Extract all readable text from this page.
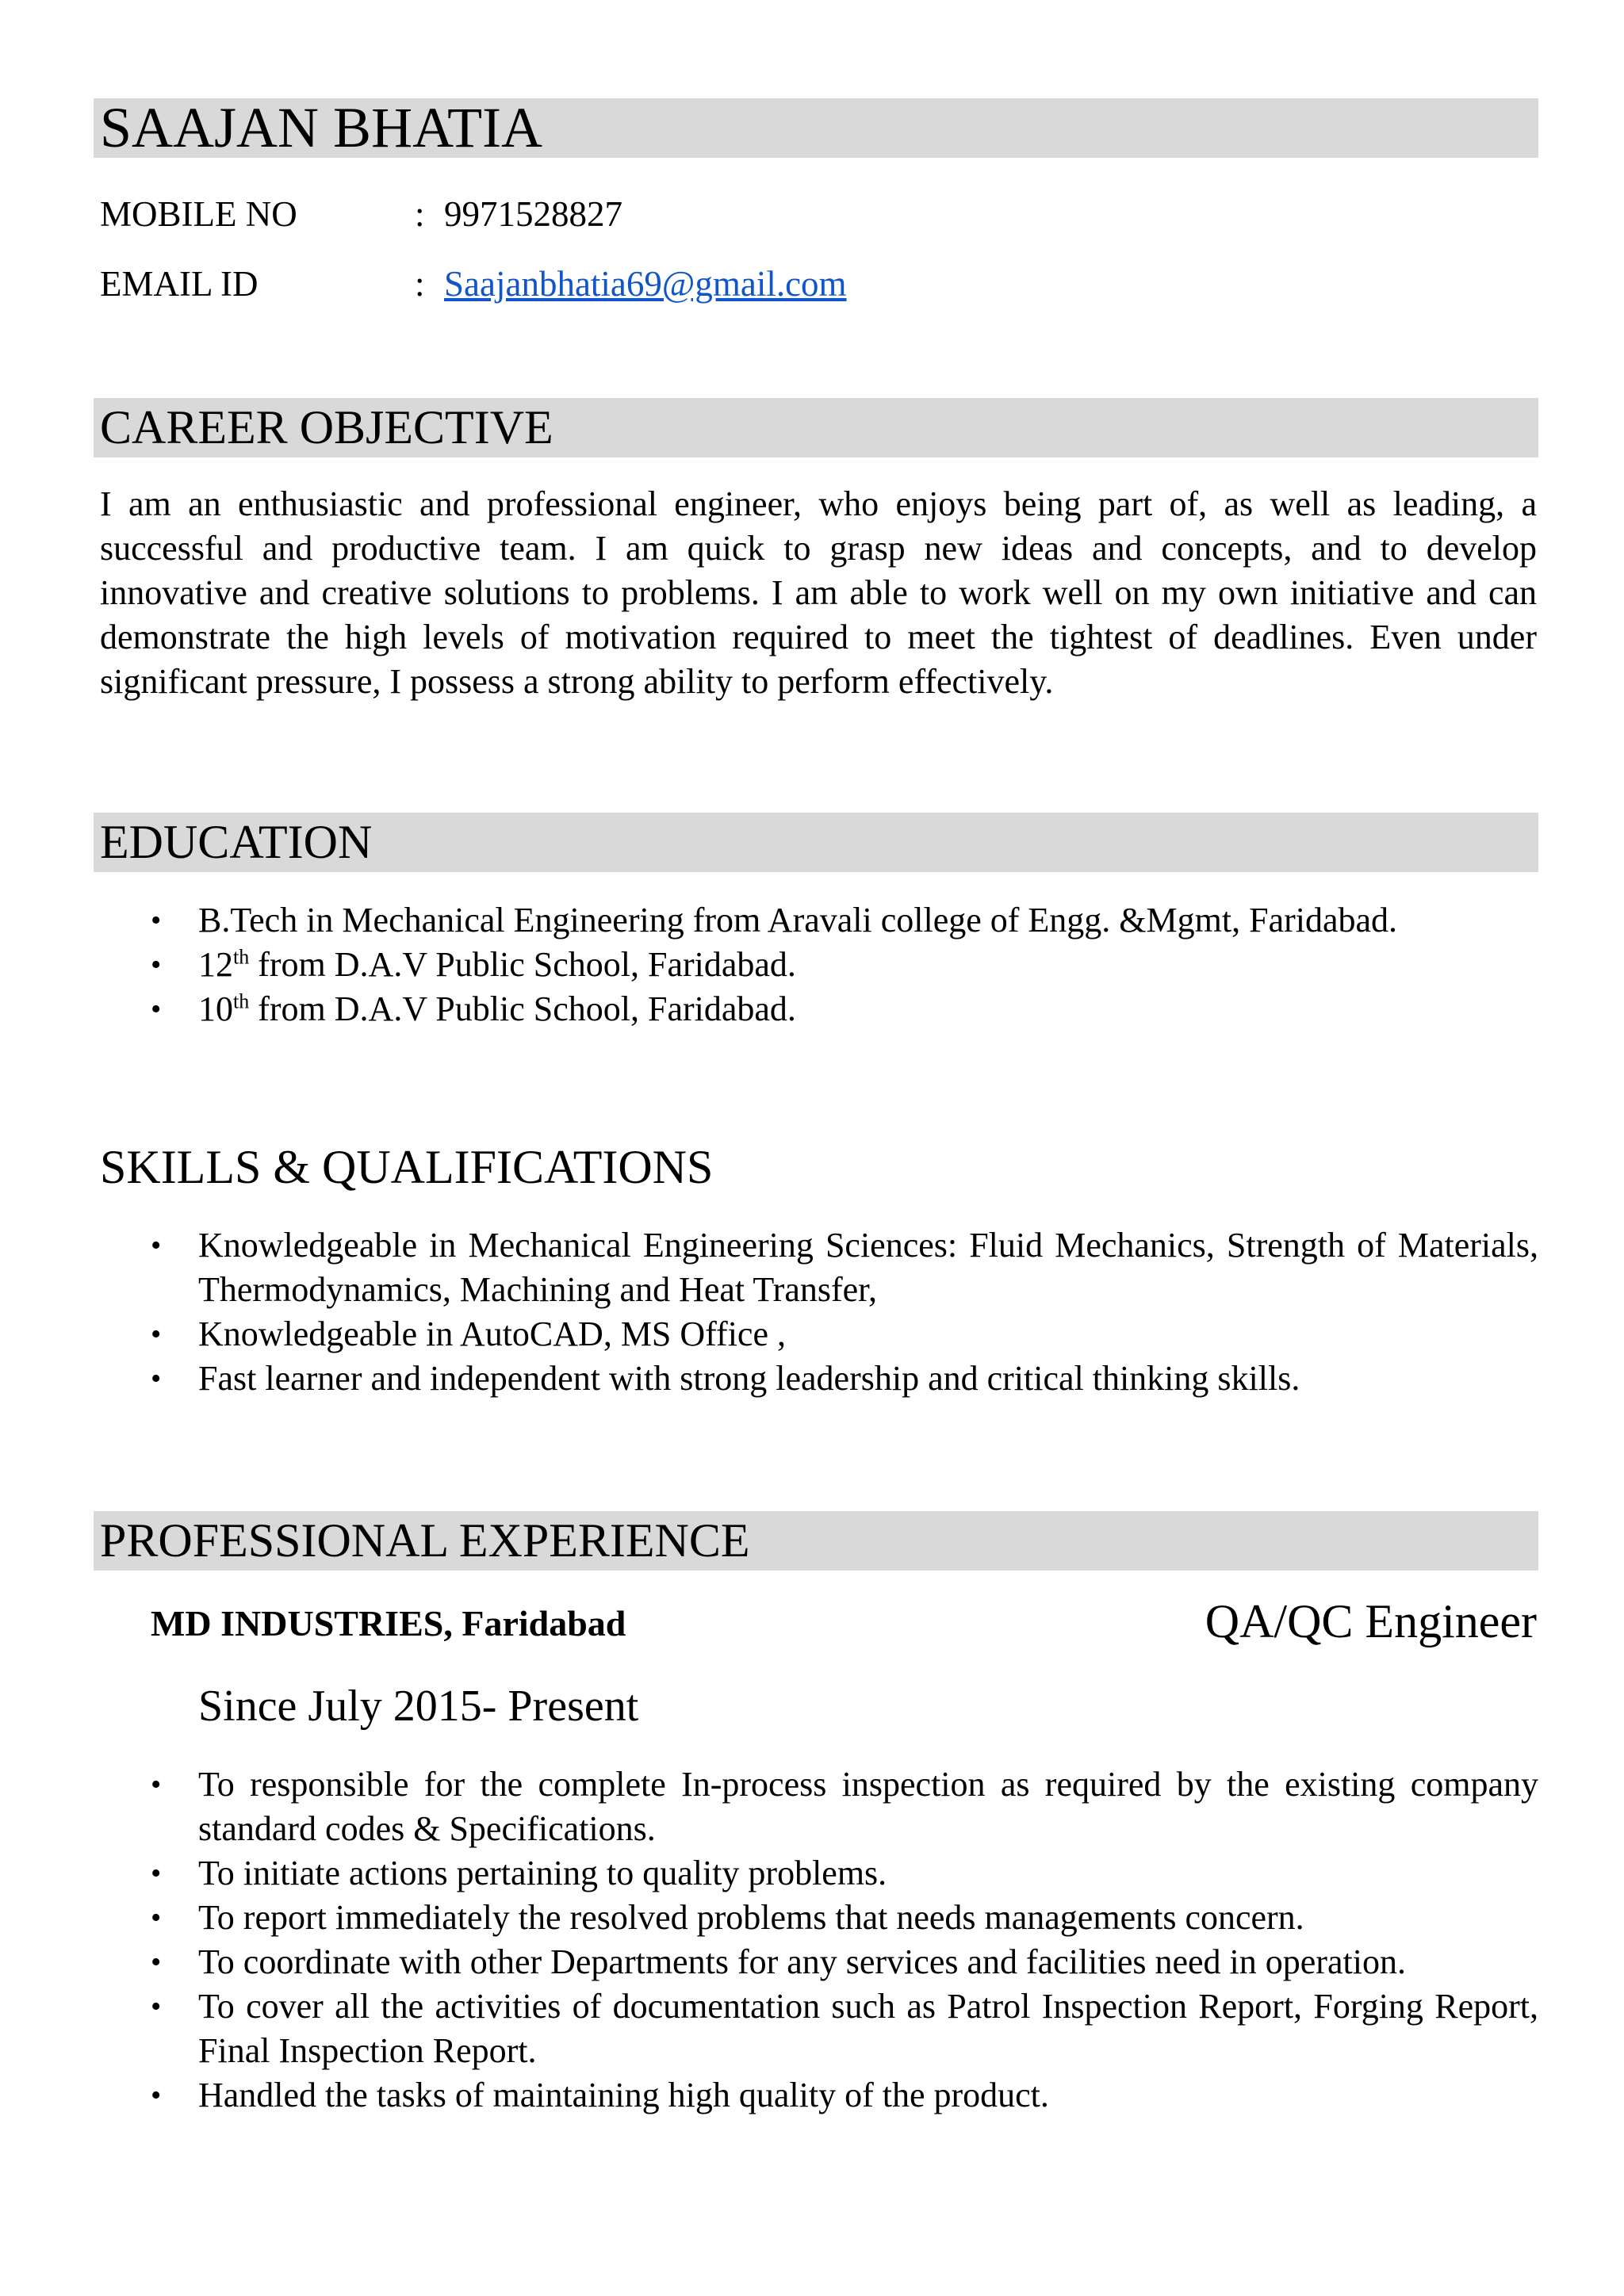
SAAJAN BHATIA
MOBILE NO	: 9971528827
EMAIL ID	: Saajanbhatia69@gmail.com
CAREER OBJECTIVE
I am an enthusiastic and professional engineer, who enjoys being part of, as well as leading, a successful and productive team. I am quick to grasp new ideas and concepts, and to develop innovative and creative solutions to problems. I am able to work well on my own initiative and can demonstrate the high levels of motivation required to meet the tightest of deadlines. Even under significant pressure, I possess a strong ability to perform effectively.
EDUCATION
• B.Tech in Mechanical Engineering from Aravali college of Engg. &Mgmt, Faridabad.
• 12th from D.A.V Public School, Faridabad.
• 10th from D.A.V Public School, Faridabad.
SKILLS & QUALIFICATIONS
• Knowledgeable in Mechanical Engineering Sciences: Fluid Mechanics, Strength of Materials, Thermodynamics, Machining and Heat Transfer,
• Knowledgeable in AutoCAD, MS Office ,
• Fast learner and independent with strong leadership and critical thinking skills.
PROFESSIONAL EXPERIENCE
MD INDUSTRIES, Faridabad	QA/QC Engineer
Since July 2015- Present
• To responsible for the complete In-process inspection as required by the existing company standard codes & Specifications.
• To initiate actions pertaining to quality problems.
• To report immediately the resolved problems that needs managements concern.
• To coordinate with other Departments for any services and facilities need in operation.
• To cover all the activities of documentation such as Patrol Inspection Report, Forging Report, Final Inspection Report.
• Handled the tasks of maintaining high quality of the product.
